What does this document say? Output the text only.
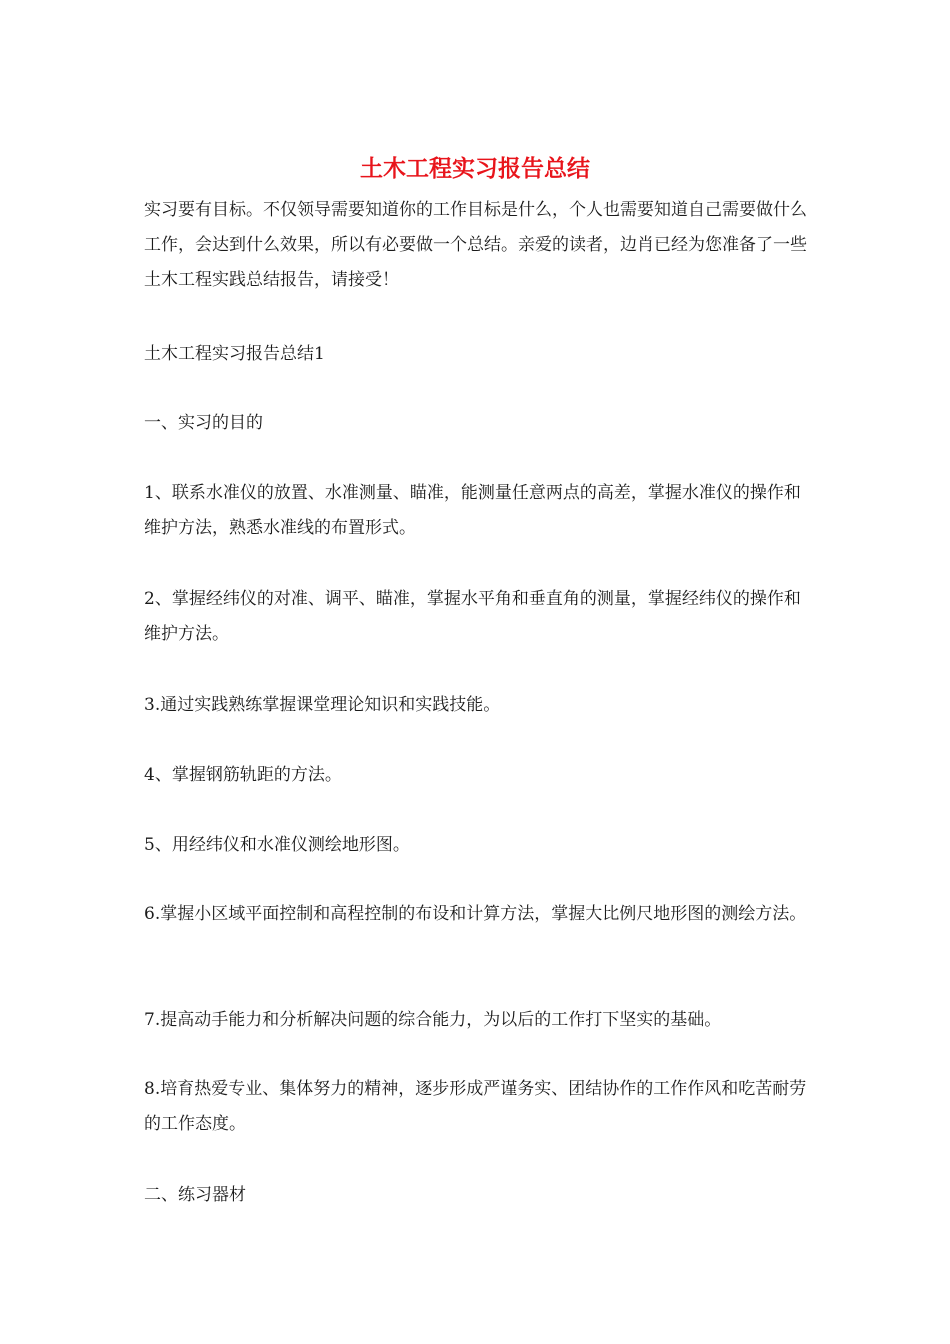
土木工程实习报告总结

实习要有目标。不仅领导需要知道你的工作目标是什么，个人也需要知道自己需要做什么工作，会达到什么效果，所以有必要做一个总结。亲爱的读者，边肖已经为您准备了一些土木工程实践总结报告，请接受！

土木工程实习报告总结1

一、实习的目的

1、联系水准仪的放置、水准测量、瞄准，能测量任意两点的高差，掌握水准仪的操作和维护方法，熟悉水准线的布置形式。

2、掌握经纬仪的对准、调平、瞄准，掌握水平角和垂直角的测量，掌握经纬仪的操作和维护方法。

3.通过实践熟练掌握课堂理论知识和实践技能。

4、掌握钢筋轨距的方法。

5、用经纬仪和水准仪测绘地形图。

6.掌握小区域平面控制和高程控制的布设和计算方法，掌握大比例尺地形图的测绘方法。

7.提高动手能力和分析解决问题的综合能力，为以后的工作打下坚实的基础。

8.培育热爱专业、集体努力的精神，逐步形成严谨务实、团结协作的工作作风和吃苦耐劳的工作态度。

二、练习器材
